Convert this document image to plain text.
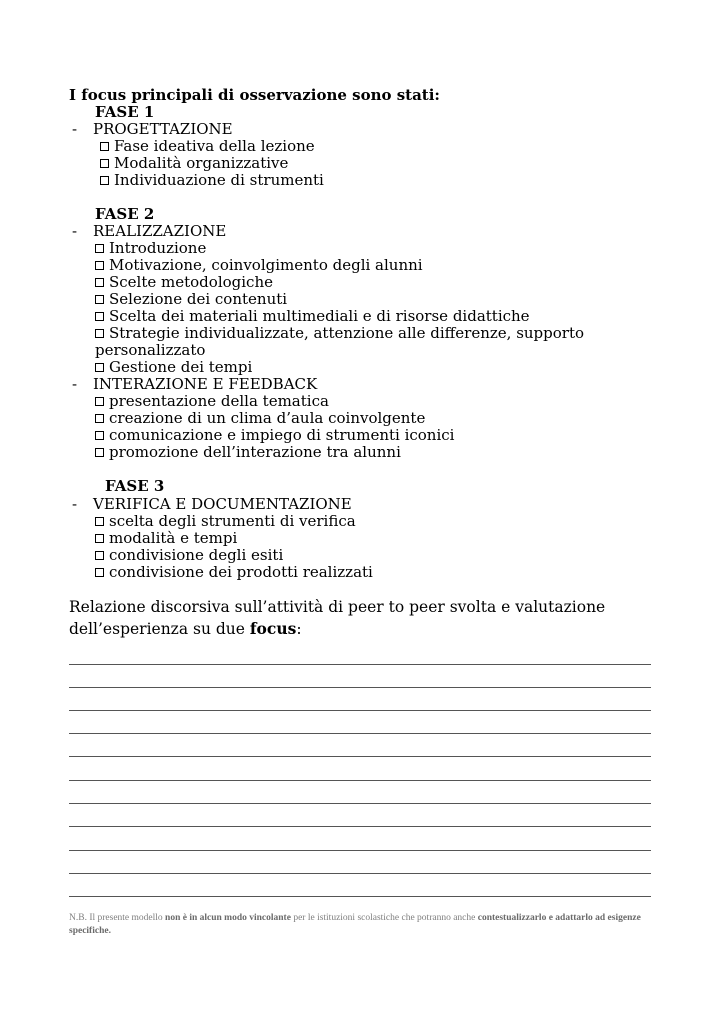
I focus principali di osservazione sono stati:
FASE 1
- PROGETTAZIONE
Fase ideativa della lezione
Modalità organizzative
Individuazione di strumenti
FASE 2
- REALIZZAZIONE
Introduzione
Motivazione, coinvolgimento degli alunni
Scelte metodologiche
Selezione dei contenuti
Scelta dei materiali multimediali e di risorse didattiche
Strategie individualizzate, attenzione alle differenze, supporto
personalizzato
Gestione dei tempi
- INTERAZIONE E FEEDBACK
presentazione della tematica
creazione di un clima d’aula coinvolgente
comunicazione e impiego di strumenti iconici
promozione dell’interazione tra alunni
FASE 3
- VERIFICA E DOCUMENTAZIONE
scelta degli strumenti di verifica
modalità e tempi
condivisione degli esiti
condivisione dei prodotti realizzati
Relazione discorsiva sull’attività di peer to peer svolta e valutazione dell’esperienza su due focus:
N.B. Il presente modello non è in alcun modo vincolante per le istituzioni scolastiche che potranno anche contestualizzarlo e adattarlo ad esigenze specifiche.
